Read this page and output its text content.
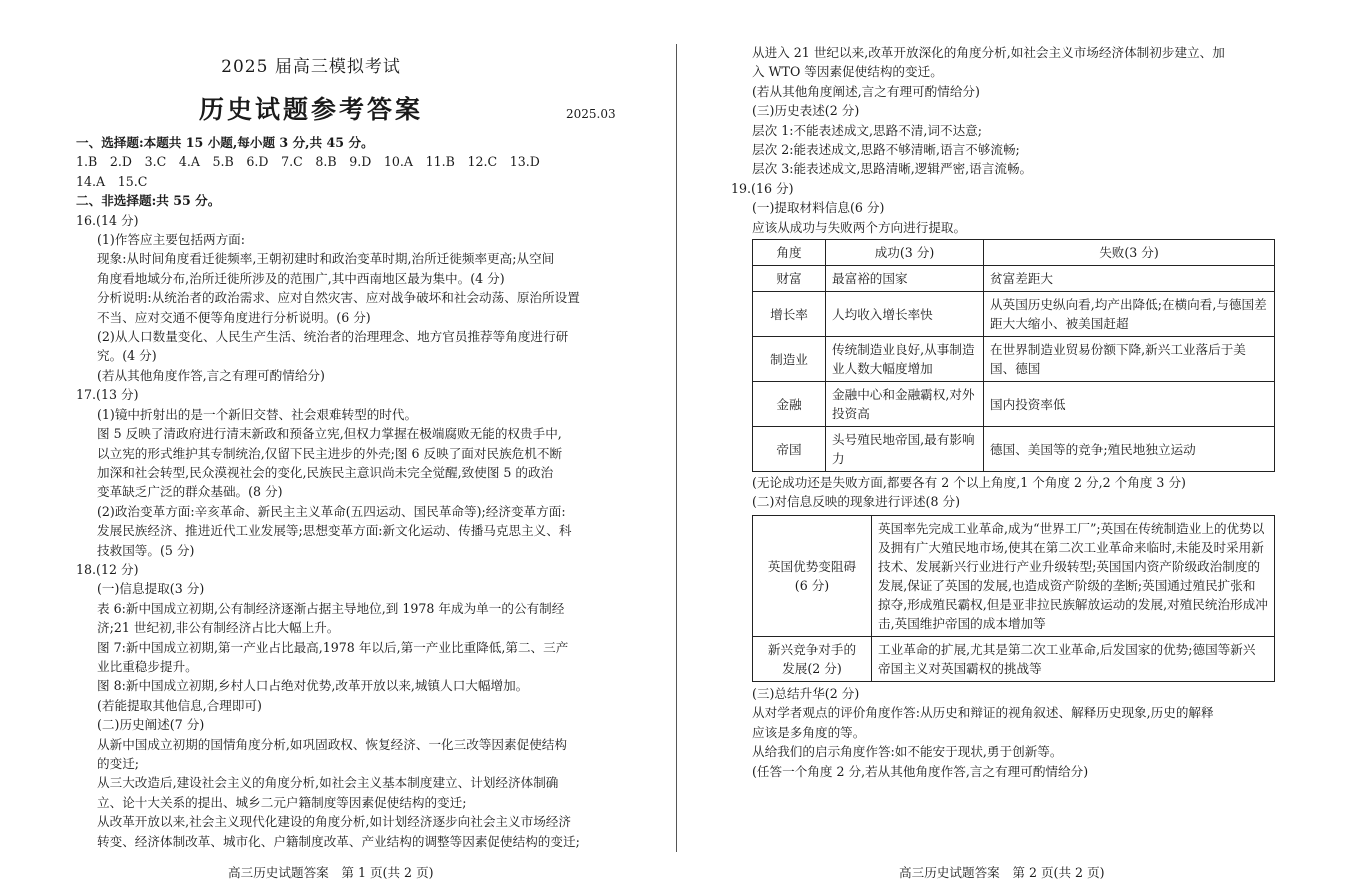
2025 届高三模拟考试
历史试题参考答案	2025.03
一、选择题:本题共 15 小题,每小题 3 分,共 45 分。
1.B　2.D　3.C　4.A　5.B　6.D　7.C　8.B　9.D　10.A　11.B　12.C　13.D
14.A　15.C
二、非选择题:共 55 分。
16.(14 分)
(1)作答应主要包括两方面:
现象:从时间角度看迁徙频率,王朝初建时和政治变革时期,治所迁徙频率更高;从空间
角度看地域分布,治所迁徙所涉及的范围广,其中西南地区最为集中。(4 分)
分析说明:从统治者的政治需求、应对自然灾害、应对战争破坏和社会动荡、原治所设置
不当、应对交通不便等角度进行分析说明。(6 分)
(2)从人口数量变化、人民生产生活、统治者的治理理念、地方官员推荐等角度进行研
究。(4 分)
(若从其他角度作答,言之有理可酌情给分)
17.(13 分)
(1)镜中折射出的是一个新旧交替、社会艰难转型的时代。
图 5 反映了清政府进行清末新政和预备立宪,但权力掌握在极端腐败无能的权贵手中,
以立宪的形式维护其专制统治,仅留下民主进步的外壳;图 6 反映了面对民族危机不断
加深和社会转型,民众漠视社会的变化,民族民主意识尚未完全觉醒,致使图 5 的政治
变革缺乏广泛的群众基础。(8 分)
(2)政治变革方面:辛亥革命、新民主主义革命(五四运动、国民革命等);经济变革方面:
发展民族经济、推进近代工业发展等;思想变革方面:新文化运动、传播马克思主义、科
技救国等。(5 分)
18.(12 分)
(一)信息提取(3 分)
表 6:新中国成立初期,公有制经济逐渐占据主导地位,到 1978 年成为单一的公有制经
济;21 世纪初,非公有制经济占比大幅上升。
图 7:新中国成立初期,第一产业占比最高,1978 年以后,第一产业比重降低,第二、三产
业比重稳步提升。
图 8:新中国成立初期,乡村人口占绝对优势,改革开放以来,城镇人口大幅增加。
(若能提取其他信息,合理即可)
(二)历史阐述(7 分)
从新中国成立初期的国情角度分析,如巩固政权、恢复经济、一化三改等因素促使结构
的变迁;
从三大改造后,建设社会主义的角度分析,如社会主义基本制度建立、计划经济体制确
立、论十大关系的提出、城乡二元户籍制度等因素促使结构的变迁;
从改革开放以来,社会主义现代化建设的角度分析,如计划经济逐步向社会主义市场经济
转变、经济体制改革、城市化、户籍制度改革、产业结构的调整等因素促使结构的变迁;
从进入 21 世纪以来,改革开放深化的角度分析,如社会主义市场经济体制初步建立、加
入 WTO 等因素促使结构的变迁。
(若从其他角度阐述,言之有理可酌情给分)
(三)历史表述(2 分)
层次 1:不能表述成文,思路不清,词不达意;
层次 2:能表述成文,思路不够清晰,语言不够流畅;
层次 3:能表述成文,思路清晰,逻辑严密,语言流畅。
19.(16 分)
(一)提取材料信息(6 分)
应该从成功与失败两个方向进行提取。
角度	成功(3 分)	失败(3 分)
财富	最富裕的国家	贫富差距大
增长率	人均收入增长率快	从英国历史纵向看,均产出降低;在横向看,与德国差距大大缩小、被美国赶超
制造业	传统制造业良好,从事制造业人数大幅度增加	在世界制造业贸易份额下降,新兴工业落后于美国、德国
金融	金融中心和金融霸权,对外投资高	国内投资率低
帝国	头号殖民地帝国,最有影响力	德国、美国等的竞争;殖民地独立运动
(无论成功还是失败方面,都要各有 2 个以上角度,1 个角度 2 分,2 个角度 3 分)
(二)对信息反映的现象进行评述(8 分)
英国优势变阻碍
(6 分)	英国率先完成工业革命,成为“世界工厂”;英国在传统制造业上的优势以及拥有广大殖民地市场,使其在第二次工业革命来临时,未能及时采用新技术、发展新兴行业进行产业升级转型;英国国内资产阶级政治制度的发展,保证了英国的发展,也造成资产阶级的垄断;英国通过殖民扩张和掠夺,形成殖民霸权,但是亚非拉民族解放运动的发展,对殖民统治形成冲击,英国维护帝国的成本增加等

新兴竞争对手的
发展(2 分)	工业革命的扩展,尤其是第二次工业革命,后发国家的优势;德国等新兴帝国主义对英国霸权的挑战等
(三)总结升华(2 分)
从对学者观点的评价角度作答:从历史和辩证的视角叙述、解释历史现象,历史的解释
应该是多角度的等。
从给我们的启示角度作答:如不能安于现状,勇于创新等。
(任答一个角度 2 分,若从其他角度作答,言之有理可酌情给分)
高三历史试题答案　第 1 页(共 2 页)	高三历史试题答案　第 2 页(共 2 页)
